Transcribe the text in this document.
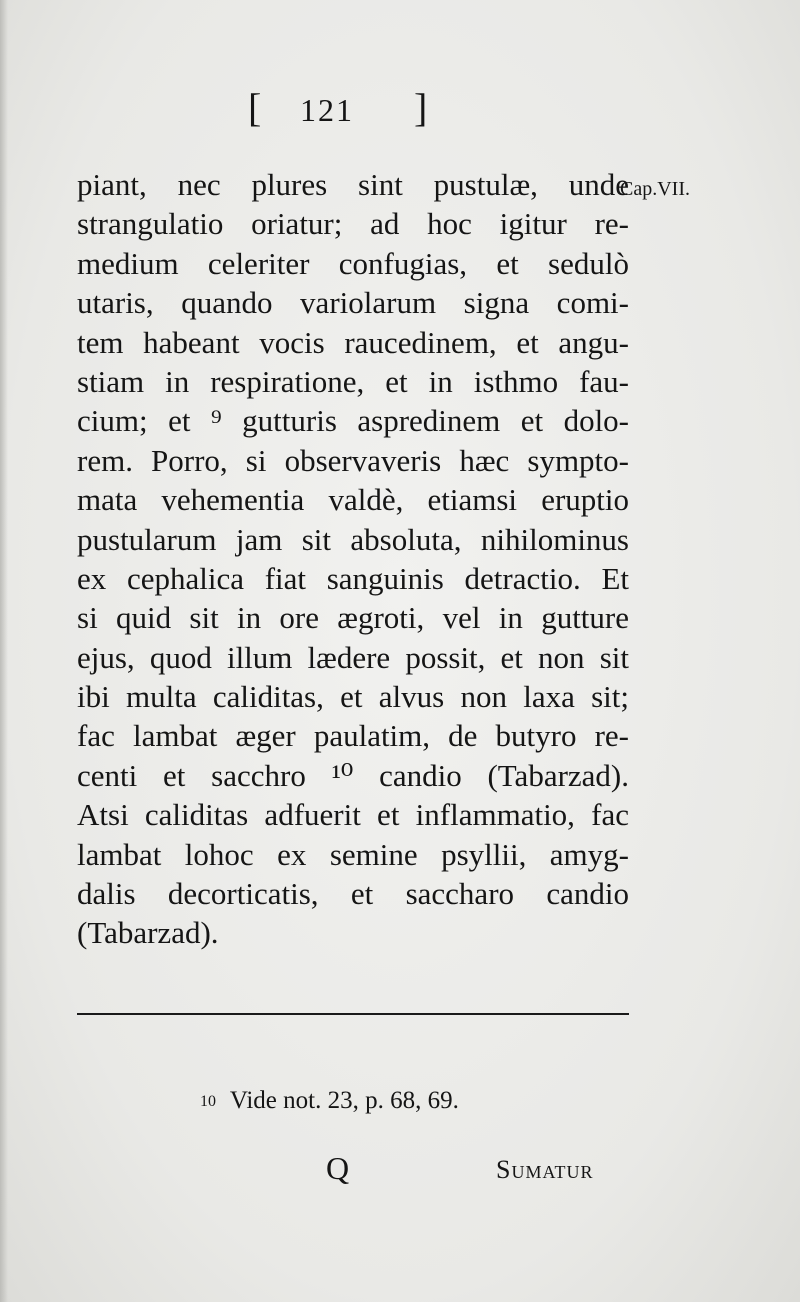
[ 121 ]
Cap.VII.
piant, nec plures sint pustulæ, unde
strangulatio oriatur; ad hoc igitur re-
medium celeriter confugias, et sedulò
utaris, quando variolarum signa comi-
tem habeant vocis raucedinem, et angu-
stiam in respiratione, et in isthmo fau-
cium; et ⁹ gutturis aspredinem et dolo-
rem. Porro, si observaveris hæc sympto-
mata vehementia valdè, etiamsi eruptio
pustularum jam sit absoluta, nihilominus
ex cephalica fiat sanguinis detractio. Et
si quid sit in ore ægroti, vel in gutture
ejus, quod illum lædere possit, et non sit
ibi multa caliditas, et alvus non laxa sit;
fac lambat æger paulatim, de butyro re-
centi et sacchro ¹⁰ candio (Tabarzad).
Atsi caliditas adfuerit et inflammatio, fac
lambat lohoc ex semine psyllii, amyg-
dalis decorticatis, et saccharo candio
(Tabarzad).
10 Vide not. 23, p. 68, 69.
Q	Sumatur
